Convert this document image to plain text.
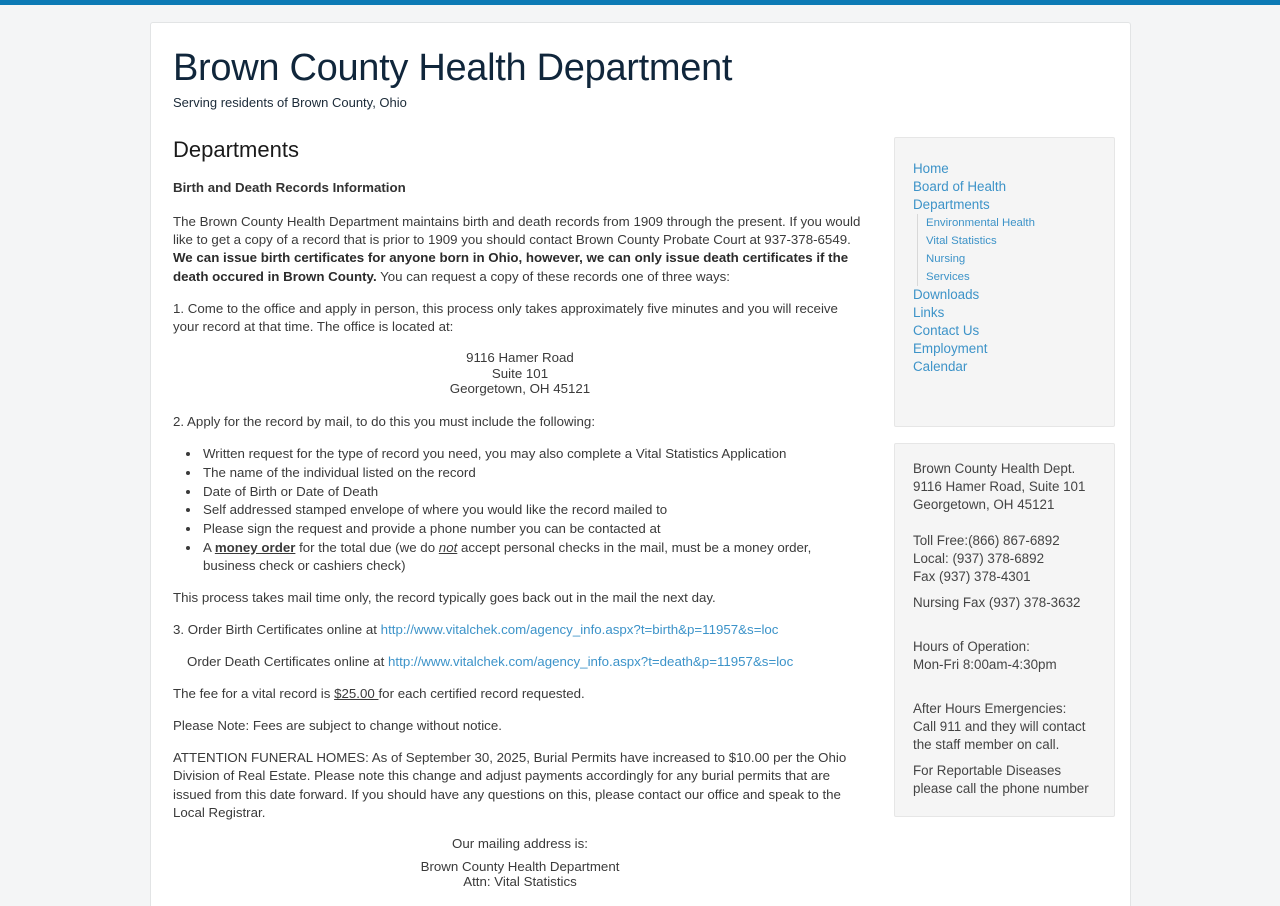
Brown County Health Department
Serving residents of Brown County, Ohio
Departments
Birth and Death Records Information

The Brown County Health Department maintains birth and death records from 1909 through the present. If you would like to get a copy of a record that is prior to 1909 you should contact Brown County Probate Court at 937-378-6549. We can issue birth certificates for anyone born in Ohio, however, we can only issue death certificates if the death occured in Brown County. You can request a copy of these records one of three ways:

1. Come to the office and apply in person, this process only takes approximately five minutes and you will receive your record at that time. The office is located at:

9116 Hamer Road
Suite 101
Georgetown, OH 45121

2. Apply for the record by mail, to do this you must include the following:

• Written request for the type of record you need, you may also complete a Vital Statistics Application
• The name of the individual listed on the record
• Date of Birth or Date of Death
• Self addressed stamped envelope of where you would like the record mailed to
• Please sign the request and provide a phone number you can be contacted at
• A money order for the total due (we do not accept personal checks in the mail, must be a money order, business check or cashiers check)

This process takes mail time only, the record typically goes back out in the mail the next day.

3. Order Birth Certificates online at http://www.vitalchek.com/agency_info.aspx?t=birth&p=11957&s=loc

Order Death Certificates online at http://www.vitalchek.com/agency_info.aspx?t=death&p=11957&s=loc

The fee for a vital record is $25.00 for each certified record requested.

Please Note: Fees are subject to change without notice.

ATTENTION FUNERAL HOMES: As of September 30, 2025, Burial Permits have increased to $10.00 per the Ohio Division of Real Estate. Please note this change and adjust payments accordingly for any burial permits that are issued from this date forward. If you should have any questions on this, please contact our office and speak to the Local Registrar.

Our mailing address is:
Brown County Health Department
Attn: Vital Statistics
Home
Board of Health
Departments
Environmental Health
Vital Statistics
Nursing
Services
Downloads
Links
Contact Us
Employment
Calendar
Brown County Health Dept.
9116 Hamer Road, Suite 101
Georgetown, OH 45121
Toll Free:(866) 867-6892
Local: (937) 378-6892
Fax (937) 378-4301
Nursing Fax (937) 378-3632
Hours of Operation:
Mon-Fri 8:00am-4:30pm
After Hours Emergencies:
Call 911 and they will contact
the staff member on call.
For Reportable Diseases
please call the phone number
